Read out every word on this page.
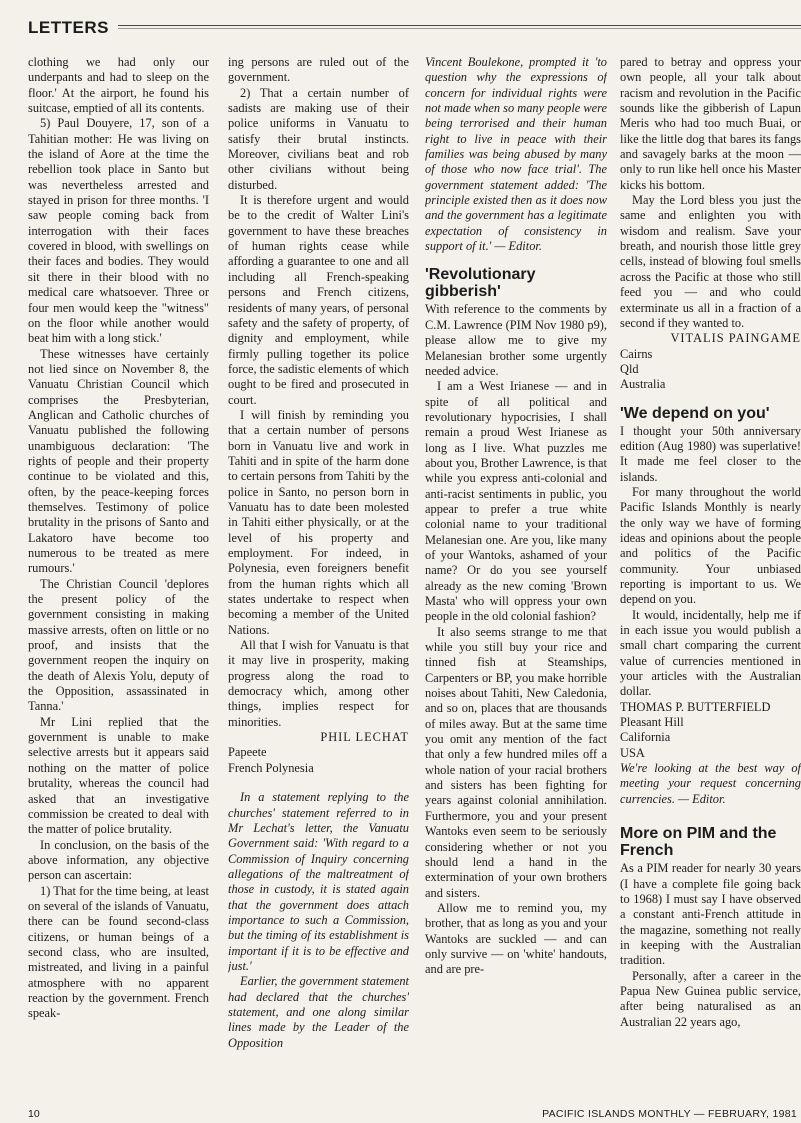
LETTERS

clothing we had only our underpants and had to sleep on the floor.' At the airport, he found his suitcase, emptied of all its contents.

5) Paul Douyere, 17, son of a Tahitian mother: He was living on the island of Aore at the time the rebellion took place in Santo but was nevertheless arrested and stayed in prison for three months. 'I saw people coming back from interrogation with their faces covered in blood, with swellings on their faces and bodies. They would sit there in their blood with no medical care whatsoever. Three or four men would keep the "witness" on the floor while another would beat him with a long stick.'

These witnesses have certainly not lied since on November 8, the Vanuatu Christian Council which comprises the Presbyterian, Anglican and Catholic churches of Vanuatu published the following unambiguous declaration: 'The rights of people and their property continue to be violated and this, often, by the peace-keeping forces themselves. Testimony of police brutality in the prisons of Santo and Lakatoro have become too numerous to be treated as mere rumours.'

The Christian Council 'deplores the present policy of the government consisting in making massive arrests, often on little or no proof, and insists that the government reopen the inquiry on the death of Alexis Yolu, deputy of the Opposition, assassinated in Tanna.'

Mr Lini replied that the government is unable to make selective arrests but it appears said nothing on the matter of police brutality, whereas the council had asked that an investigative commission be created to deal with the matter of police brutality.

In conclusion, on the basis of the above information, any objective person can ascertain:

1) That for the time being, at least on several of the islands of Vanuatu, there can be found second-class citizens, or human beings of a second class, who are insulted, mistreated, and living in a painful atmosphere with no apparent reaction by the government. French speak-

ing persons are ruled out of the government.

2) That a certain number of sadists are making use of their police uniforms in Vanuatu to satisfy their brutal instincts. Moreover, civilians beat and rob other civilians without being disturbed.

It is therefore urgent and would be to the credit of Walter Lini's government to have these breaches of human rights cease while affording a guarantee to one and all including all French-speaking persons and French citizens, residents of many years, of personal safety and the safety of property, of dignity and employment, while firmly pulling together its police force, the sadistic elements of which ought to be fired and prosecuted in court.

I will finish by reminding you that a certain number of persons born in Vanuatu live and work in Tahiti and in spite of the harm done to certain persons from Tahiti by the police in Santo, no person born in Vanuatu has to date been molested in Tahiti either physically, or at the level of his property and employment. For indeed, in Polynesia, even foreigners benefit from the human rights which all states undertake to respect when becoming a member of the United Nations.

All that I wish for Vanuatu is that it may live in prosperity, making progress along the road to democracy which, among other things, implies respect for minorities.

PHIL LECHAT

Papeete

French Polynesia

In a statement replying to the churches' statement referred to in Mr Lechat's letter, the Vanuatu Government said: 'With regard to a Commission of Inquiry concerning allegations of the maltreatment of those in custody, it is stated again that the government does attach importance to such a Commission, but the timing of its establishment is important if it is to be effective and just.'

Earlier, the government statement had declared that the churches' statement, and one along similar lines made by the Leader of the Opposition

Vincent Boulekone, prompted it 'to question why the expressions of concern for individual rights were not made when so many people were being terrorised and their human right to live in peace with their families was being abused by many of those who now face trial'. The government statement added: 'The principle existed then as it does now and the government has a legitimate expectation of consistency in support of it.' — Editor.

'Revolutionary gibberish'

With reference to the comments by C.M. Lawrence (PIM Nov 1980 p9), please allow me to give my Melanesian brother some urgently needed advice.

I am a West Irianese — and in spite of all political and revolutionary hypocrisies, I shall remain a proud West Irianese as long as I live. What puzzles me about you, Brother Lawrence, is that while you express anti-colonial and anti-racist sentiments in public, you appear to prefer a true white colonial name to your traditional Melanesian one. Are you, like many of your Wantoks, ashamed of your name? Or do you see yourself already as the new coming 'Brown Masta' who will oppress your own people in the old colonial fashion?

It also seems strange to me that while you still buy your rice and tinned fish at Steamships, Carpenters or BP, you make horrible noises about Tahiti, New Caledonia, and so on, places that are thousands of miles away. But at the same time you omit any mention of the fact that only a few hundred miles off a whole nation of your racial brothers and sisters has been fighting for years against colonial annihilation. Furthermore, you and your present Wantoks even seem to be seriously considering whether or not you should lend a hand in the extermination of your own brothers and sisters.

Allow me to remind you, my brother, that as long as you and your Wantoks are suckled — and can only survive — on 'white' handouts, and are pre-

pared to betray and oppress your own people, all your talk about racism and revolution in the Pacific sounds like the gibberish of Lapun Meris who had too much Buai, or like the little dog that bares its fangs and savagely barks at the moon — only to run like hell once his Master kicks his bottom.

May the Lord bless you just the same and enlighten you with wisdom and realism. Save your breath, and nourish those little grey cells, instead of blowing foul smells across the Pacific at those who still feed you — and who could exterminate us all in a fraction of a second if they wanted to.

VITALIS PAINGAME

Cairns

Qld

Australia

'We depend on you'

I thought your 50th anniversary edition (Aug 1980) was superlative! It made me feel closer to the islands.

For many throughout the world Pacific Islands Monthly is nearly the only way we have of forming ideas and opinions about the people and politics of the Pacific community. Your unbiased reporting is important to us. We depend on you.

It would, incidentally, help me if in each issue you would publish a small chart comparing the current value of currencies mentioned in your articles with the Australian dollar.

THOMAS P. BUTTERFIELD

Pleasant Hill

California

USA

We're looking at the best way of meeting your request concerning currencies. — Editor.

More on PIM and the French

As a PIM reader for nearly 30 years (I have a complete file going back to 1968) I must say I have observed a constant anti-French attitude in the magazine, something not really in keeping with the Australian tradition.

Personally, after a career in the Papua New Guinea public service, after being naturalised as an Australian 22 years ago,

10	PACIFIC ISLANDS MONTHLY — FEBRUARY, 1981
